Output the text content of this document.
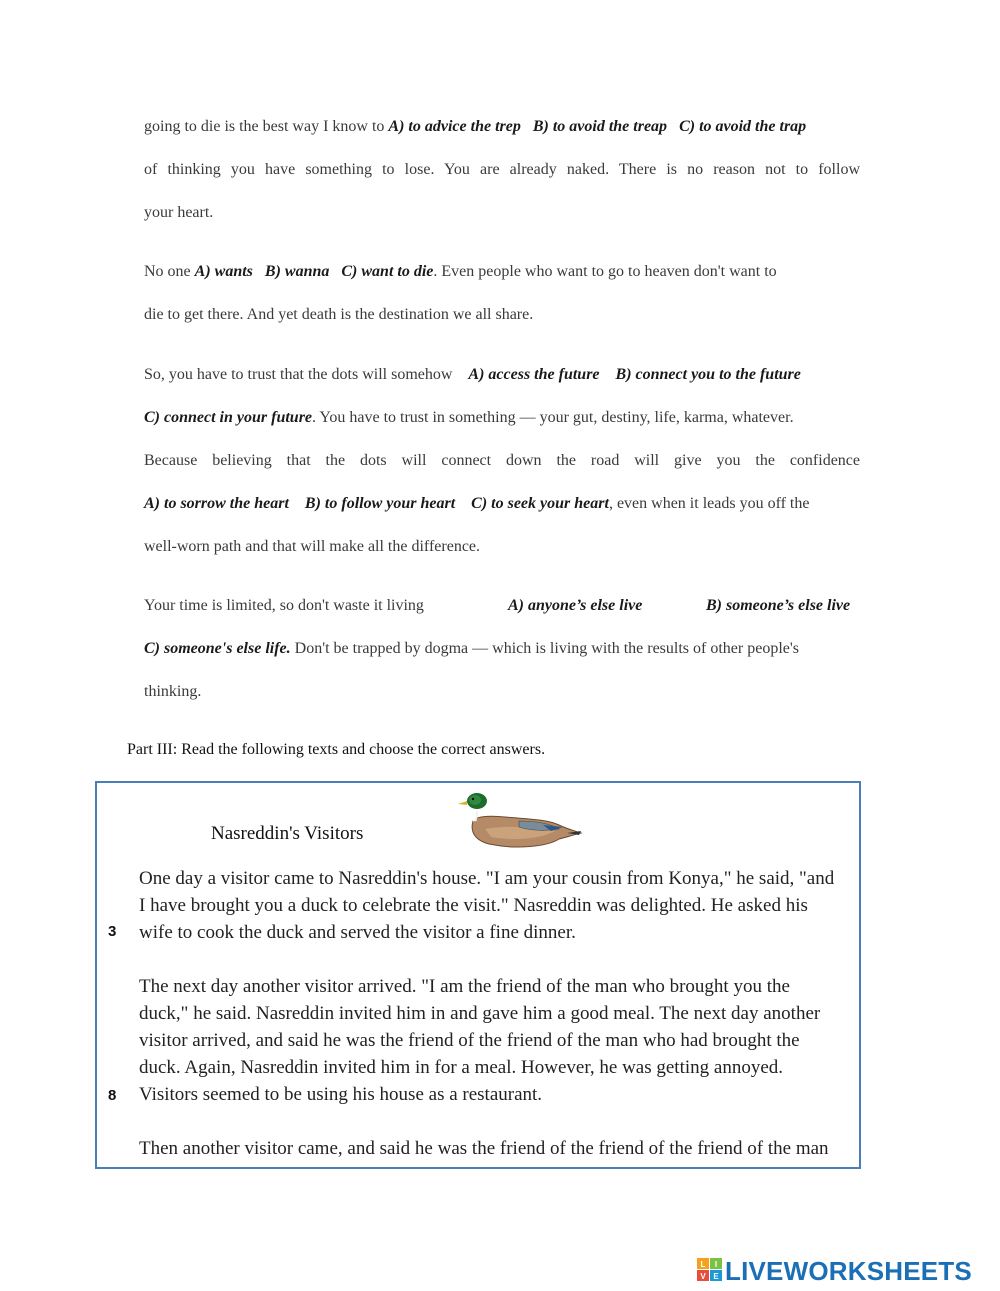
going to die is the best way I know to A) to advice the trep B) to avoid the treap C) to avoid the trap
of thinking you have something to lose. You are already naked. There is no reason not to follow
your heart.
No one A) wants B) wanna C) want to die. Even people who want to go to heaven don't want to
die to get there. And yet death is the destination we all share.
So, you have to trust that the dots will somehow A) access the future B) connect you to the future
C) connect in your future. You have to trust in something — your gut, destiny, life, karma, whatever.
Because believing that the dots will connect down the road will give you the confidence
A) to sorrow the heart B) to follow your heart C) to seek your heart, even when it leads you off the
well-worn path and that will make all the difference.
Your time is limited, so don't waste it living	A) anyone’s else live	B) someone’s else live
C) someone's else life. Don't be trapped by dogma — which is living with the results of other people's
thinking.
Part III: Read the following texts and choose the correct answers.
Nasreddin's Visitors
One day a visitor came to Nasreddin's house. "I am your cousin from Konya," he said, "and
I have brought you a duck to celebrate the visit." Nasreddin was delighted. He asked his
wife to cook the duck and served the visitor a fine dinner.
3
The next day another visitor arrived. "I am the friend of the man who brought you the
duck," he said. Nasreddin invited him in and gave him a good meal. The next day another
visitor arrived, and said he was the friend of the friend of the man who had brought the
duck. Again, Nasreddin invited him in for a meal. However, he was getting annoyed.
Visitors seemed to be using his house as a restaurant.
8
Then another visitor came, and said he was the friend of the friend of the friend of the man
L I
V E LIVEWORKSHEETS
